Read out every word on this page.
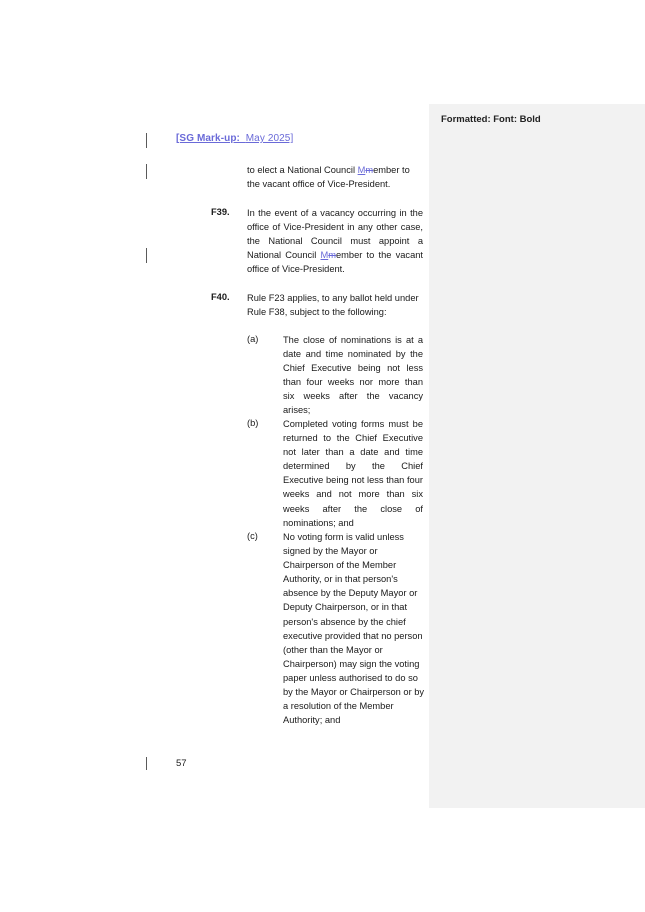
Formatted: Font: Bold
[SG Mark-up: May 2025]
to elect a National Council Mmember to
the vacant office of Vice-President.
F39. In the event of a vacancy occurring in the office of Vice-President in any other case, the National Council must appoint a National Council Mmember to the vacant office of Vice-President.
F40. Rule F23 applies, to any ballot held under Rule F38, subject to the following:
(a)	The close of nominations is at a date and time nominated by the Chief Executive being not less than four weeks nor more than six weeks after the vacancy arises;
(b)	Completed voting forms must be returned to the Chief Executive not later than a date and time determined by the Chief Executive being not less than four weeks and not more than six weeks after the close of nominations; and
(c)	No voting form is valid unless signed by the Mayor or Chairperson of the Member Authority, or in that person's absence by the Deputy Mayor or Deputy Chairperson, or in that person's absence by the chief executive provided that no person (other than the Mayor or Chairperson) may sign the voting paper unless authorised to do so by the Mayor or Chairperson or by a resolution of the Member Authority; and
57
